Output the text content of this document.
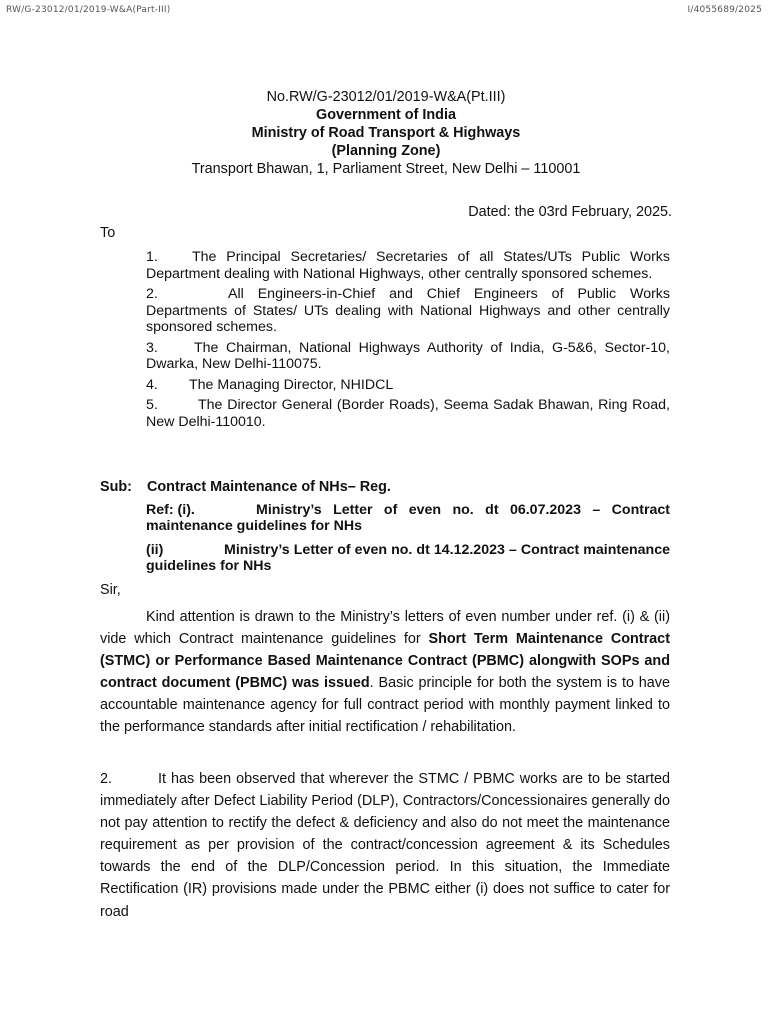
RW/G-23012/01/2019-W&A(Part-III)	I/4055689/2025
No.RW/G-23012/01/2019-W&A(Pt.III)
Government of India
Ministry of Road Transport & Highways
(Planning Zone)
Transport Bhawan, 1, Parliament Street, New Delhi – 110001
Dated: the 03rd February, 2025.
To
1. The Principal Secretaries/ Secretaries of all States/UTs Public Works Department dealing with National Highways, other centrally sponsored schemes.
2.	All Engineers-in-Chief and Chief Engineers of Public Works Departments of States/ UTs dealing with National Highways and other centrally sponsored schemes.
3.	The Chairman, National Highways Authority of India, G-5&6, Sector-10, Dwarka, New Delhi-110075.
4. The Managing Director, NHIDCL
5.	The Director General (Border Roads), Seema Sadak Bhawan, Ring Road, New Delhi-110010.
Sub: Contract Maintenance of NHs– Reg.
Ref: (i).	Ministry’s Letter of even no. dt 06.07.2023 – Contract maintenance guidelines for NHs
(ii)	Ministry’s Letter of even no. dt 14.12.2023 – Contract maintenance guidelines for NHs
Sir,
Kind attention is drawn to the Ministry’s letters of even number under ref. (i) & (ii) vide which Contract maintenance guidelines for Short Term Maintenance Contract (STMC) or Performance Based Maintenance Contract (PBMC) alongwith SOPs and contract document (PBMC) was issued. Basic principle for both the system is to have accountable maintenance agency for full contract period with monthly payment linked to the performance standards after initial rectification / rehabilitation.
2.	It has been observed that wherever the STMC / PBMC works are to be started immediately after Defect Liability Period (DLP), Contractors/Concessionaires generally do not pay attention to rectify the defect & deficiency and also do not meet the maintenance requirement as per provision of the contract/concession agreement & its Schedules towards the end of the DLP/Concession period. In this situation, the Immediate Rectification (IR) provisions made under the PBMC either (i) does not suffice to cater for road
